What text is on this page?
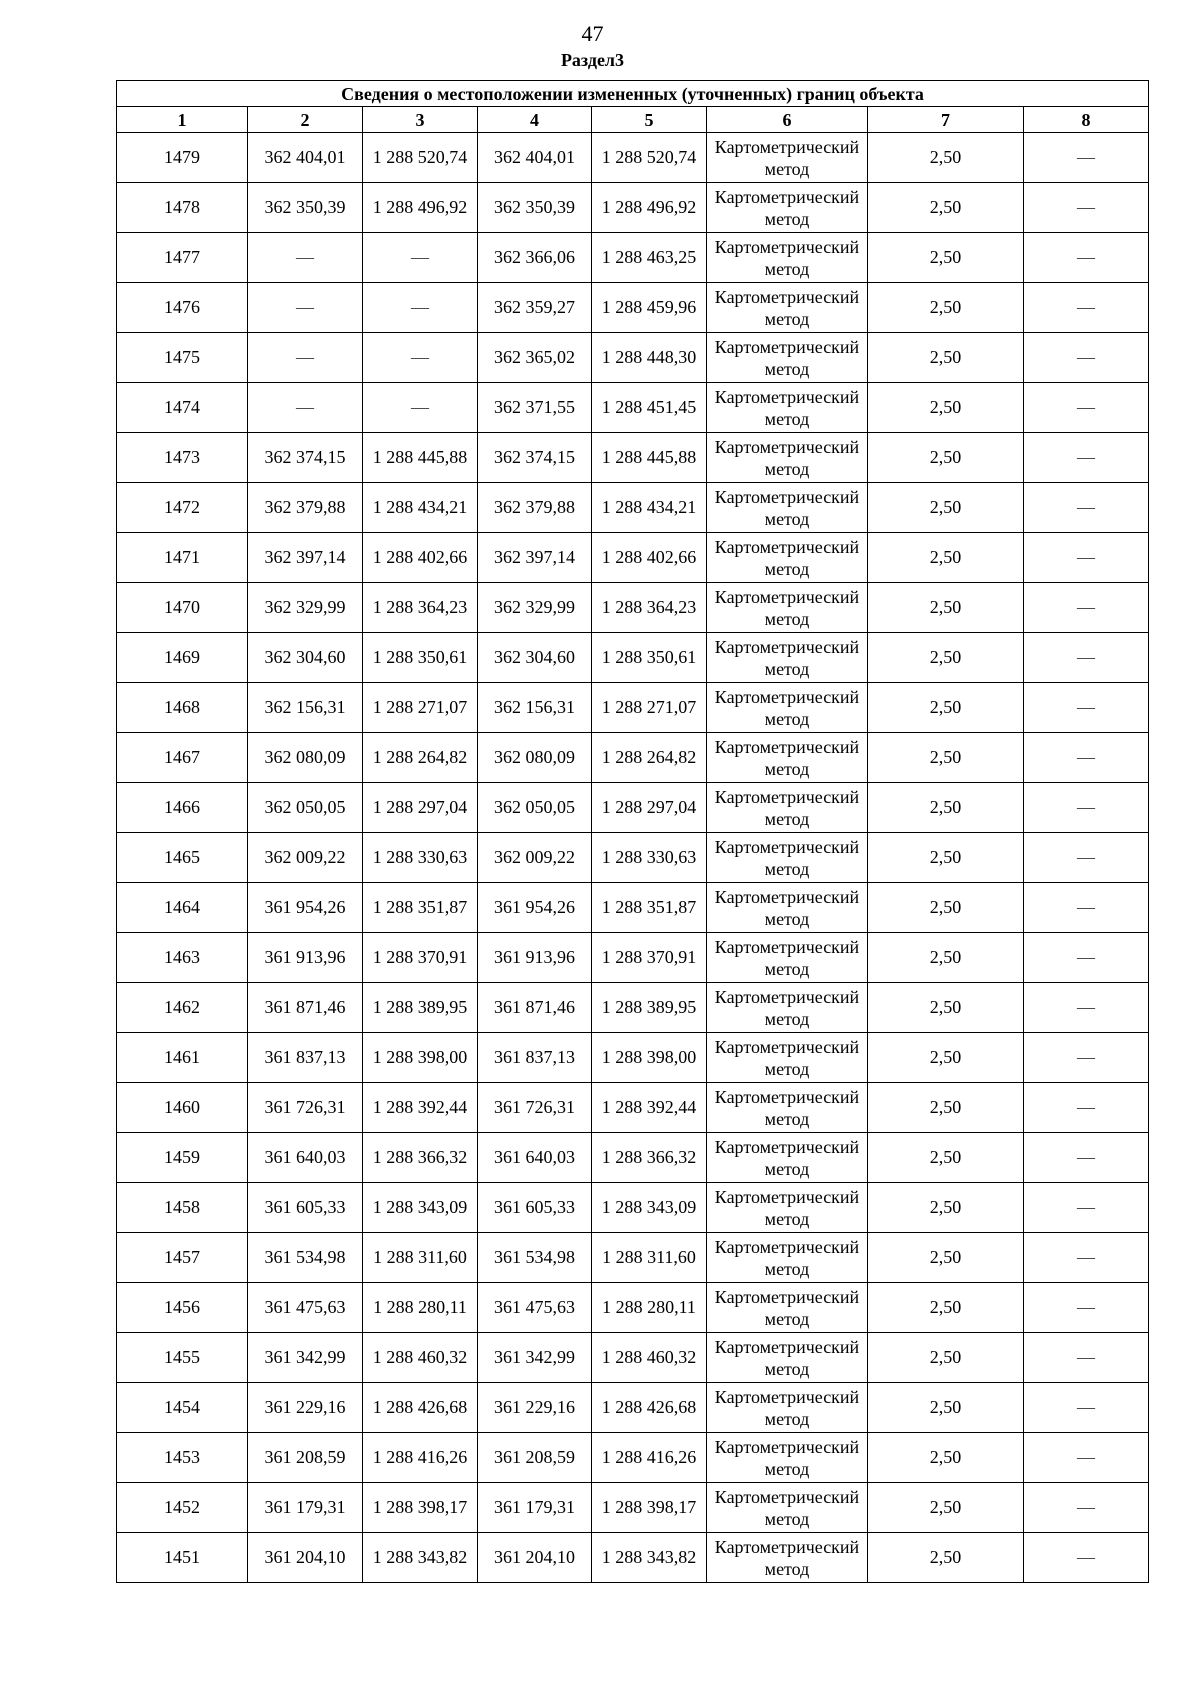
47
Раздел3
Сведения о местоположении измененных (уточненных) границ объекта							
1	2	3	4	5	6	7	8
1479	362 404,01	1 288 520,74	362 404,01	1 288 520,74	Картометрический метод	2,50	—
1478	362 350,39	1 288 496,92	362 350,39	1 288 496,92	Картометрический метод	2,50	—
1477	—	—	362 366,06	1 288 463,25	Картометрический метод	2,50	—
1476	—	—	362 359,27	1 288 459,96	Картометрический метод	2,50	—
1475	—	—	362 365,02	1 288 448,30	Картометрический метод	2,50	—
1474	—	—	362 371,55	1 288 451,45	Картометрический метод	2,50	—
1473	362 374,15	1 288 445,88	362 374,15	1 288 445,88	Картометрический метод	2,50	—
1472	362 379,88	1 288 434,21	362 379,88	1 288 434,21	Картометрический метод	2,50	—
1471	362 397,14	1 288 402,66	362 397,14	1 288 402,66	Картометрический метод	2,50	—
1470	362 329,99	1 288 364,23	362 329,99	1 288 364,23	Картометрический метод	2,50	—
1469	362 304,60	1 288 350,61	362 304,60	1 288 350,61	Картометрический метод	2,50	—
1468	362 156,31	1 288 271,07	362 156,31	1 288 271,07	Картометрический метод	2,50	—
1467	362 080,09	1 288 264,82	362 080,09	1 288 264,82	Картометрический метод	2,50	—
1466	362 050,05	1 288 297,04	362 050,05	1 288 297,04	Картометрический метод	2,50	—
1465	362 009,22	1 288 330,63	362 009,22	1 288 330,63	Картометрический метод	2,50	—
1464	361 954,26	1 288 351,87	361 954,26	1 288 351,87	Картометрический метод	2,50	—
1463	361 913,96	1 288 370,91	361 913,96	1 288 370,91	Картометрический метод	2,50	—
1462	361 871,46	1 288 389,95	361 871,46	1 288 389,95	Картометрический метод	2,50	—
1461	361 837,13	1 288 398,00	361 837,13	1 288 398,00	Картометрический метод	2,50	—
1460	361 726,31	1 288 392,44	361 726,31	1 288 392,44	Картометрический метод	2,50	—
1459	361 640,03	1 288 366,32	361 640,03	1 288 366,32	Картометрический метод	2,50	—
1458	361 605,33	1 288 343,09	361 605,33	1 288 343,09	Картометрический метод	2,50	—
1457	361 534,98	1 288 311,60	361 534,98	1 288 311,60	Картометрический метод	2,50	—
1456	361 475,63	1 288 280,11	361 475,63	1 288 280,11	Картометрический метод	2,50	—
1455	361 342,99	1 288 460,32	361 342,99	1 288 460,32	Картометрический метод	2,50	—
1454	361 229,16	1 288 426,68	361 229,16	1 288 426,68	Картометрический метод	2,50	—
1453	361 208,59	1 288 416,26	361 208,59	1 288 416,26	Картометрический метод	2,50	—
1452	361 179,31	1 288 398,17	361 179,31	1 288 398,17	Картометрический метод	2,50	—
1451	361 204,10	1 288 343,82	361 204,10	1 288 343,82	Картометрический метод	2,50	—
